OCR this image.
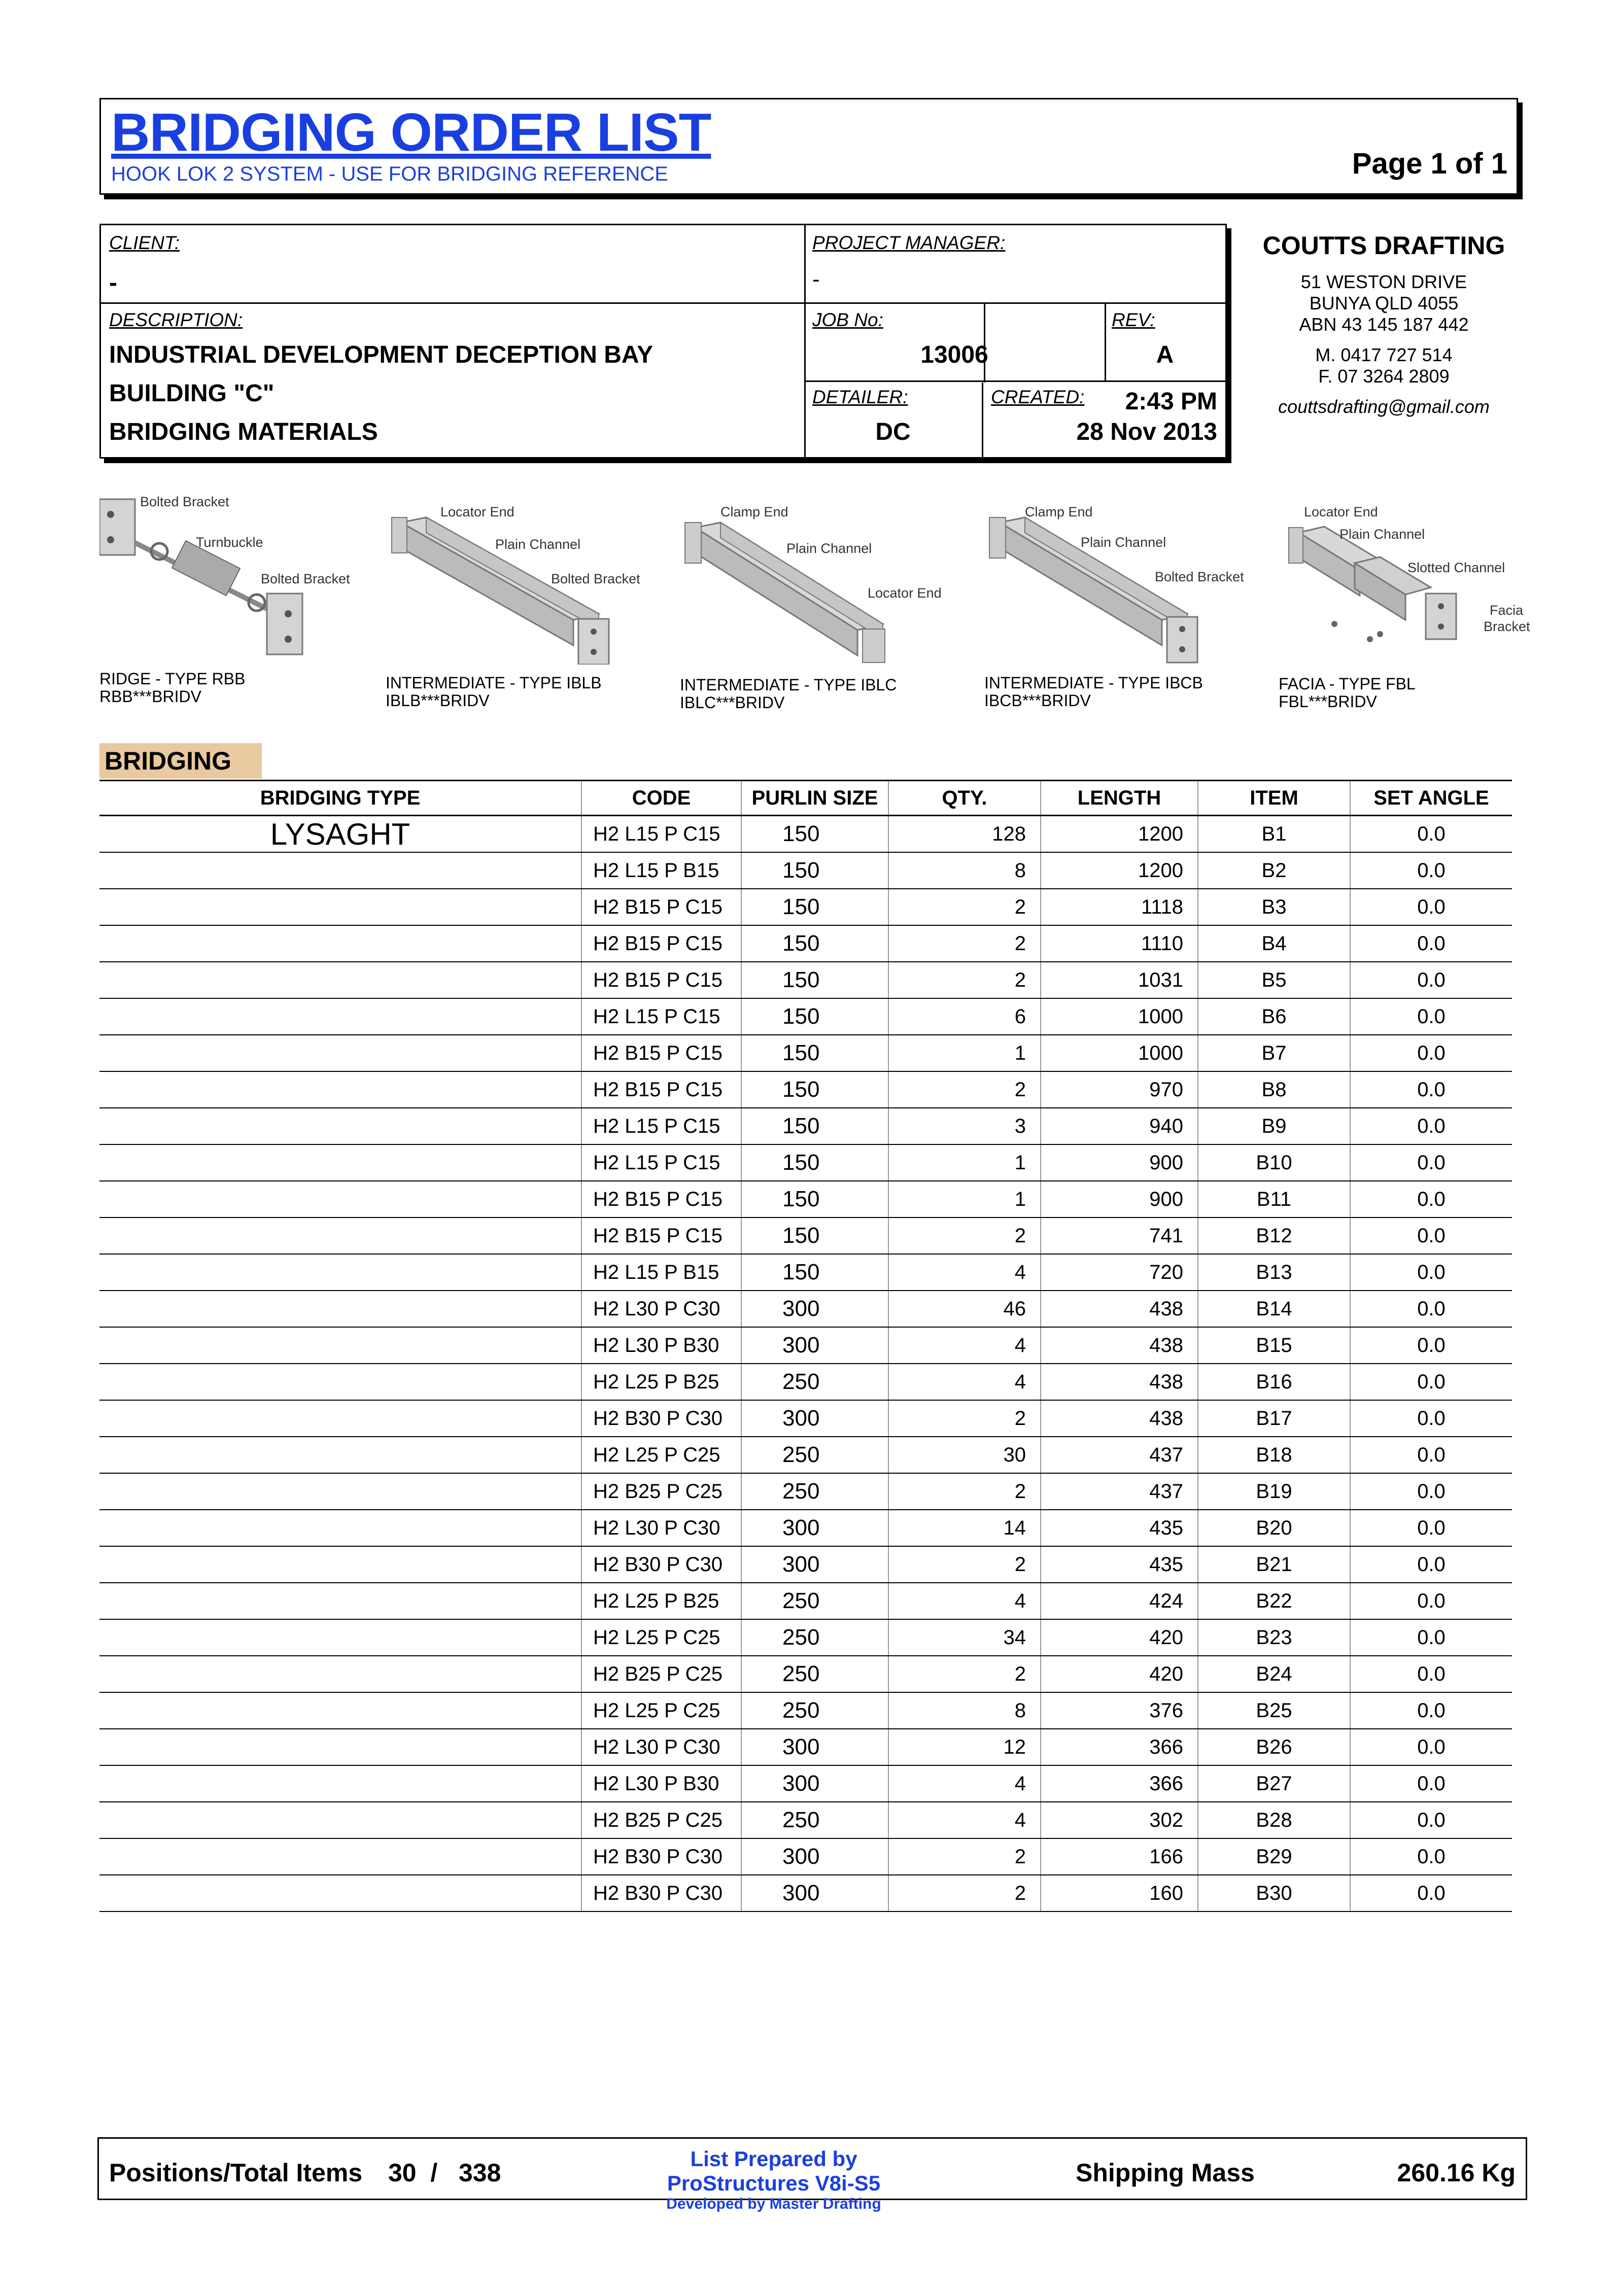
BRIDGING ORDER LIST
HOOK LOK 2 SYSTEM - USE FOR BRIDGING REFERENCE	Page 1 of 1
CLIENT:
-
PROJECT MANAGER:
-
DESCRIPTION:
INDUSTRIAL DEVELOPMENT DECEPTION BAY
BUILDING "C"
BRIDGING MATERIALS
JOB No:
13006
REV:
A
DETAILER:
DC
CREATED: 2:43 PM
28 Nov 2013
COUTTS DRAFTING
51 WESTON DRIVE
BUNYA QLD 4055
ABN 43 145 187 442
M. 0417 727 514
F. 07 3264 2809
couttsdrafting@gmail.com
Bolted Bracket
Turnbuckle
Bolted Bracket
RIDGE - TYPE RBB
RBB***BRIDV
Locator End
Plain Channel
Bolted Bracket
INTERMEDIATE - TYPE IBLB
IBLB***BRIDV
Clamp End
Plain Channel
Locator End
INTERMEDIATE - TYPE IBLC
IBLC***BRIDV
Clamp End
Plain Channel
Bolted Bracket
INTERMEDIATE - TYPE IBCB
IBCB***BRIDV
Locator End
Plain Channel
Slotted Channel
Facia
Bracket
FACIA - TYPE FBL
FBL***BRIDV
BRIDGING
BRIDGING TYPE	CODE	PURLIN SIZE	QTY.	LENGTH	ITEM	SET ANGLE
LYSAGHT	H2 L15 P C15	150	128	1200	B1	0.0
	H2 L15 P B15	150	8	1200	B2	0.0
	H2 B15 P C15	150	2	1118	B3	0.0
	H2 B15 P C15	150	2	1110	B4	0.0
	H2 B15 P C15	150	2	1031	B5	0.0
	H2 L15 P C15	150	6	1000	B6	0.0
	H2 B15 P C15	150	1	1000	B7	0.0
	H2 B15 P C15	150	2	970	B8	0.0
	H2 L15 P C15	150	3	940	B9	0.0
	H2 L15 P C15	150	1	900	B10	0.0
	H2 B15 P C15	150	1	900	B11	0.0
	H2 B15 P C15	150	2	741	B12	0.0
	H2 L15 P B15	150	4	720	B13	0.0
	H2 L30 P C30	300	46	438	B14	0.0
	H2 L30 P B30	300	4	438	B15	0.0
	H2 L25 P B25	250	4	438	B16	0.0
	H2 B30 P C30	300	2	438	B17	0.0
	H2 L25 P C25	250	30	437	B18	0.0
	H2 B25 P C25	250	2	437	B19	0.0
	H2 L30 P C30	300	14	435	B20	0.0
	H2 B30 P C30	300	2	435	B21	0.0
	H2 L25 P B25	250	4	424	B22	0.0
	H2 L25 P C25	250	34	420	B23	0.0
	H2 B25 P C25	250	2	420	B24	0.0
	H2 L25 P C25	250	8	376	B25	0.0
	H2 L30 P C30	300	12	366	B26	0.0
	H2 L30 P B30	300	4	366	B27	0.0
	H2 B25 P C25	250	4	302	B28	0.0
	H2 B30 P C30	300	2	166	B29	0.0
	H2 B30 P C30	300	2	160	B30	0.0
Positions/Total Items 30  /   338	List Prepared by ProStructures V8i-S5
Developed by Master Drafting
Shipping Mass	260.16 Kg
